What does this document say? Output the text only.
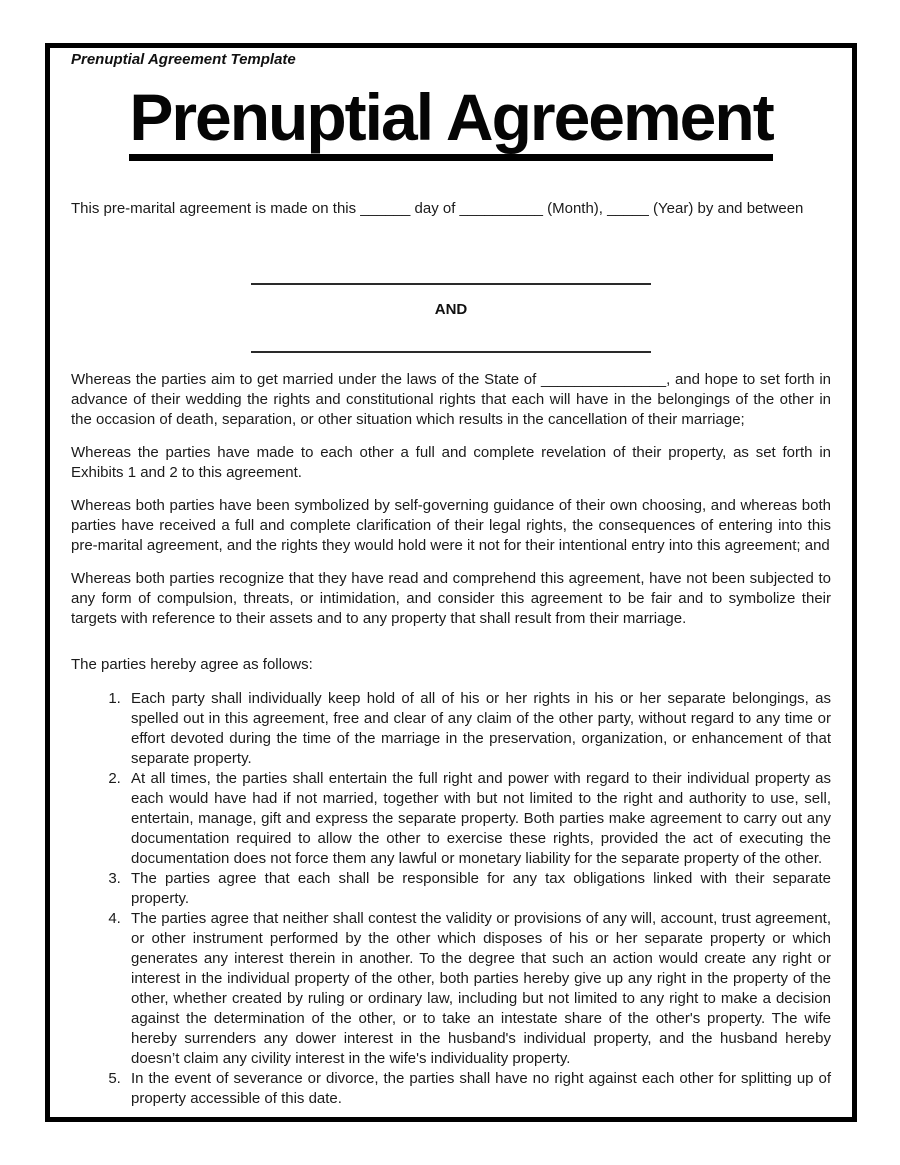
Prenuptial Agreement Template
Prenuptial Agreement

This pre-marital agreement is made on this ______ day of __________ (Month), _____ (Year) by and between

AND

Whereas the parties aim to get married under the laws of the State of _______________, and hope to set forth in advance of their wedding the rights and constitutional rights that each will have in the belongings of the other in the occasion of death, separation, or other situation which results in the cancellation of their marriage;

Whereas the parties have made to each other a full and complete revelation of their property, as set forth in Exhibits 1 and 2 to this agreement.

Whereas both parties have been symbolized by self-governing guidance of their own choosing, and whereas both parties have received a full and complete clarification of their legal rights, the consequences of entering into this pre-marital agreement, and the rights they would hold were it not for their intentional entry into this agreement; and

Whereas both parties recognize that they have read and comprehend this agreement, have not been subjected to any form of compulsion, threats, or intimidation, and consider this agreement to be fair and to symbolize their targets with reference to their assets and to any property that shall result from their marriage.

The parties hereby agree as follows:

1. Each party shall individually keep hold of all of his or her rights in his or her separate belongings, as spelled out in this agreement, free and clear of any claim of the other party, without regard to any time or effort devoted during the time of the marriage in the preservation, organization, or enhancement of that separate property.
2. At all times, the parties shall entertain the full right and power with regard to their individual property as each would have had if not married, together with but not limited to the right and authority to use, sell, entertain, manage, gift and express the separate property. Both parties make agreement to carry out any documentation required to allow the other to exercise these rights, provided the act of executing the documentation does not force them any lawful or monetary liability for the separate property of the other.
3. The parties agree that each shall be responsible for any tax obligations linked with their separate property.
4. The parties agree that neither shall contest the validity or provisions of any will, account, trust agreement, or other instrument performed by the other which disposes of his or her separate property or which generates any interest therein in another. To the degree that such an action would create any right or interest in the individual property of the other, both parties hereby give up any right in the property of the other, whether created by ruling or ordinary law, including but not limited to any right to make a decision against the determination of the other, or to take an intestate share of the other's property. The wife hereby surrenders any dower interest in the husband's individual property, and the husband hereby doesn’t claim any civility interest in the wife's individuality property.
5. In the event of severance or divorce, the parties shall have no right against each other for splitting up of property accessible of this date.
